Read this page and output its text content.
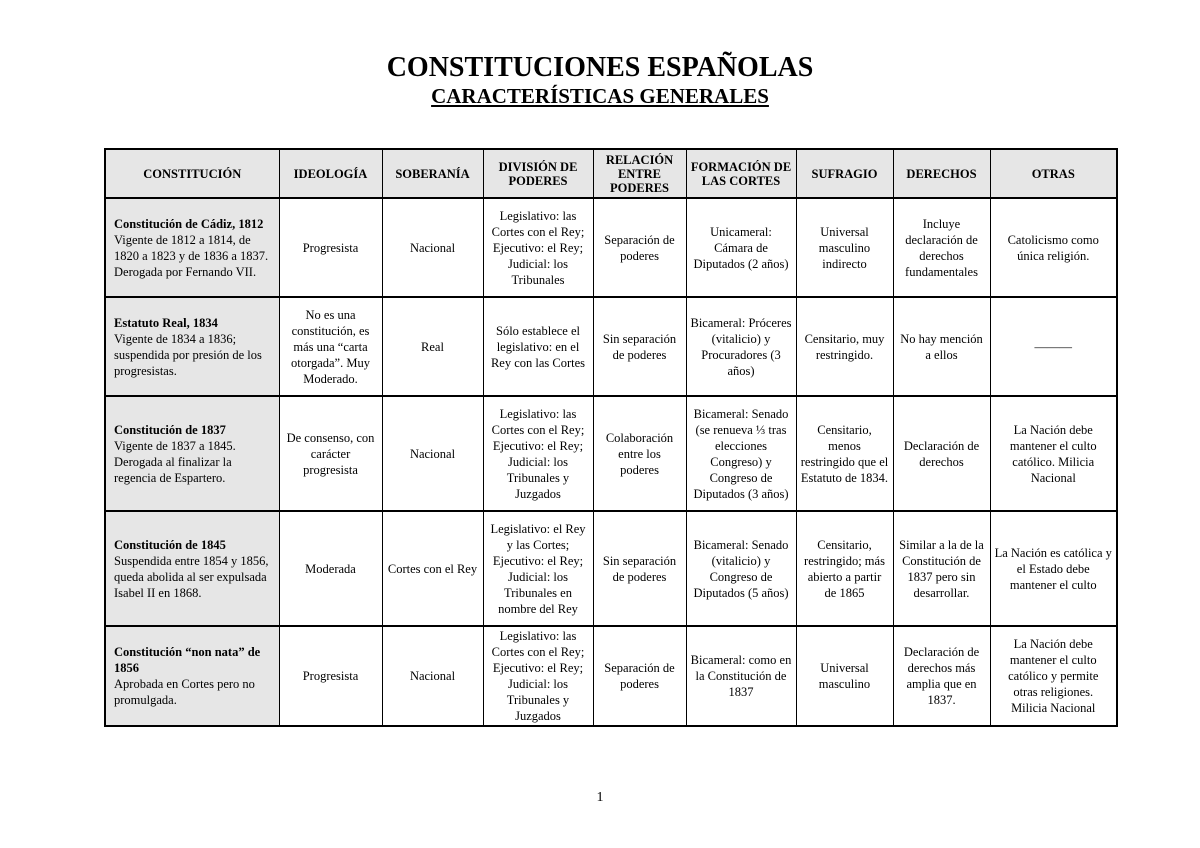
CONSTITUCIONES ESPAÑOLAS
CARACTERÍSTICAS GENERALES
CONSTITUCIÓN	IDEOLOGÍA	SOBERANÍA	DIVISIÓN DE PODERES	RELACIÓN ENTRE PODERES	FORMACIÓN DE LAS CORTES	SUFRAGIO	DERECHOS	OTRAS

Constitución de Cádiz, 1812
Vigente de 1812 a 1814, de 1820 a 1823 y de 1836 a 1837. Derogada por Fernando VII.	Progresista	Nacional	Legislativo: las Cortes con el Rey; Ejecutivo: el Rey; Judicial: los Tribunales	Separación de poderes	Unicameral: Cámara de Diputados (2 años)	Universal masculino indirecto	Incluye declaración de derechos fundamentales	Catolicismo como única religión.

Estatuto Real, 1834
Vigente de 1834 a 1836; suspendida por presión de los progresistas.	No es una constitución, es más una “carta otorgada”. Muy Moderado.	Real	Sólo establece el legislativo: en el Rey con las Cortes	Sin separación de poderes	Bicameral: Próceres (vitalicio) y Procuradores (3 años)	Censitario, muy restringido.	No hay mención a ellos	———

Constitución de 1837
Vigente de 1837 a 1845. Derogada al finalizar la regencia de Espartero.	De consenso, con carácter progresista	Nacional	Legislativo: las Cortes con el Rey; Ejecutivo: el Rey; Judicial: los Tribunales y Juzgados	Colaboración entre los poderes	Bicameral: Senado (se renueva ⅓ tras elecciones Congreso) y Congreso de Diputados (3 años)	Censitario, menos restringido que el Estatuto de 1834.	Declaración de derechos	La Nación debe mantener el culto católico. Milicia Nacional

Constitución de 1845
Suspendida entre 1854 y 1856, queda abolida al ser expulsada Isabel II en 1868.	Moderada	Cortes con el Rey	Legislativo: el Rey y las Cortes; Ejecutivo: el Rey; Judicial: los Tribunales en nombre del Rey	Sin separación de poderes	Bicameral: Senado (vitalicio) y Congreso de Diputados (5 años)	Censitario, restringido; más abierto a partir de 1865	Similar a la de la Constitución de 1837 pero sin desarrollar.	La Nación es católica y el Estado debe mantener el culto

Constitución “non nata” de 1856
Aprobada en Cortes pero no promulgada.	Progresista	Nacional	Legislativo: las Cortes con el Rey; Ejecutivo: el Rey; Judicial: los Tribunales y Juzgados	Separación de poderes	Bicameral: como en la Constitución de 1837	Universal masculino	Declaración de derechos más amplia que en 1837.	La Nación debe mantener el culto católico y permite otras religiones. Milicia Nacional
1
